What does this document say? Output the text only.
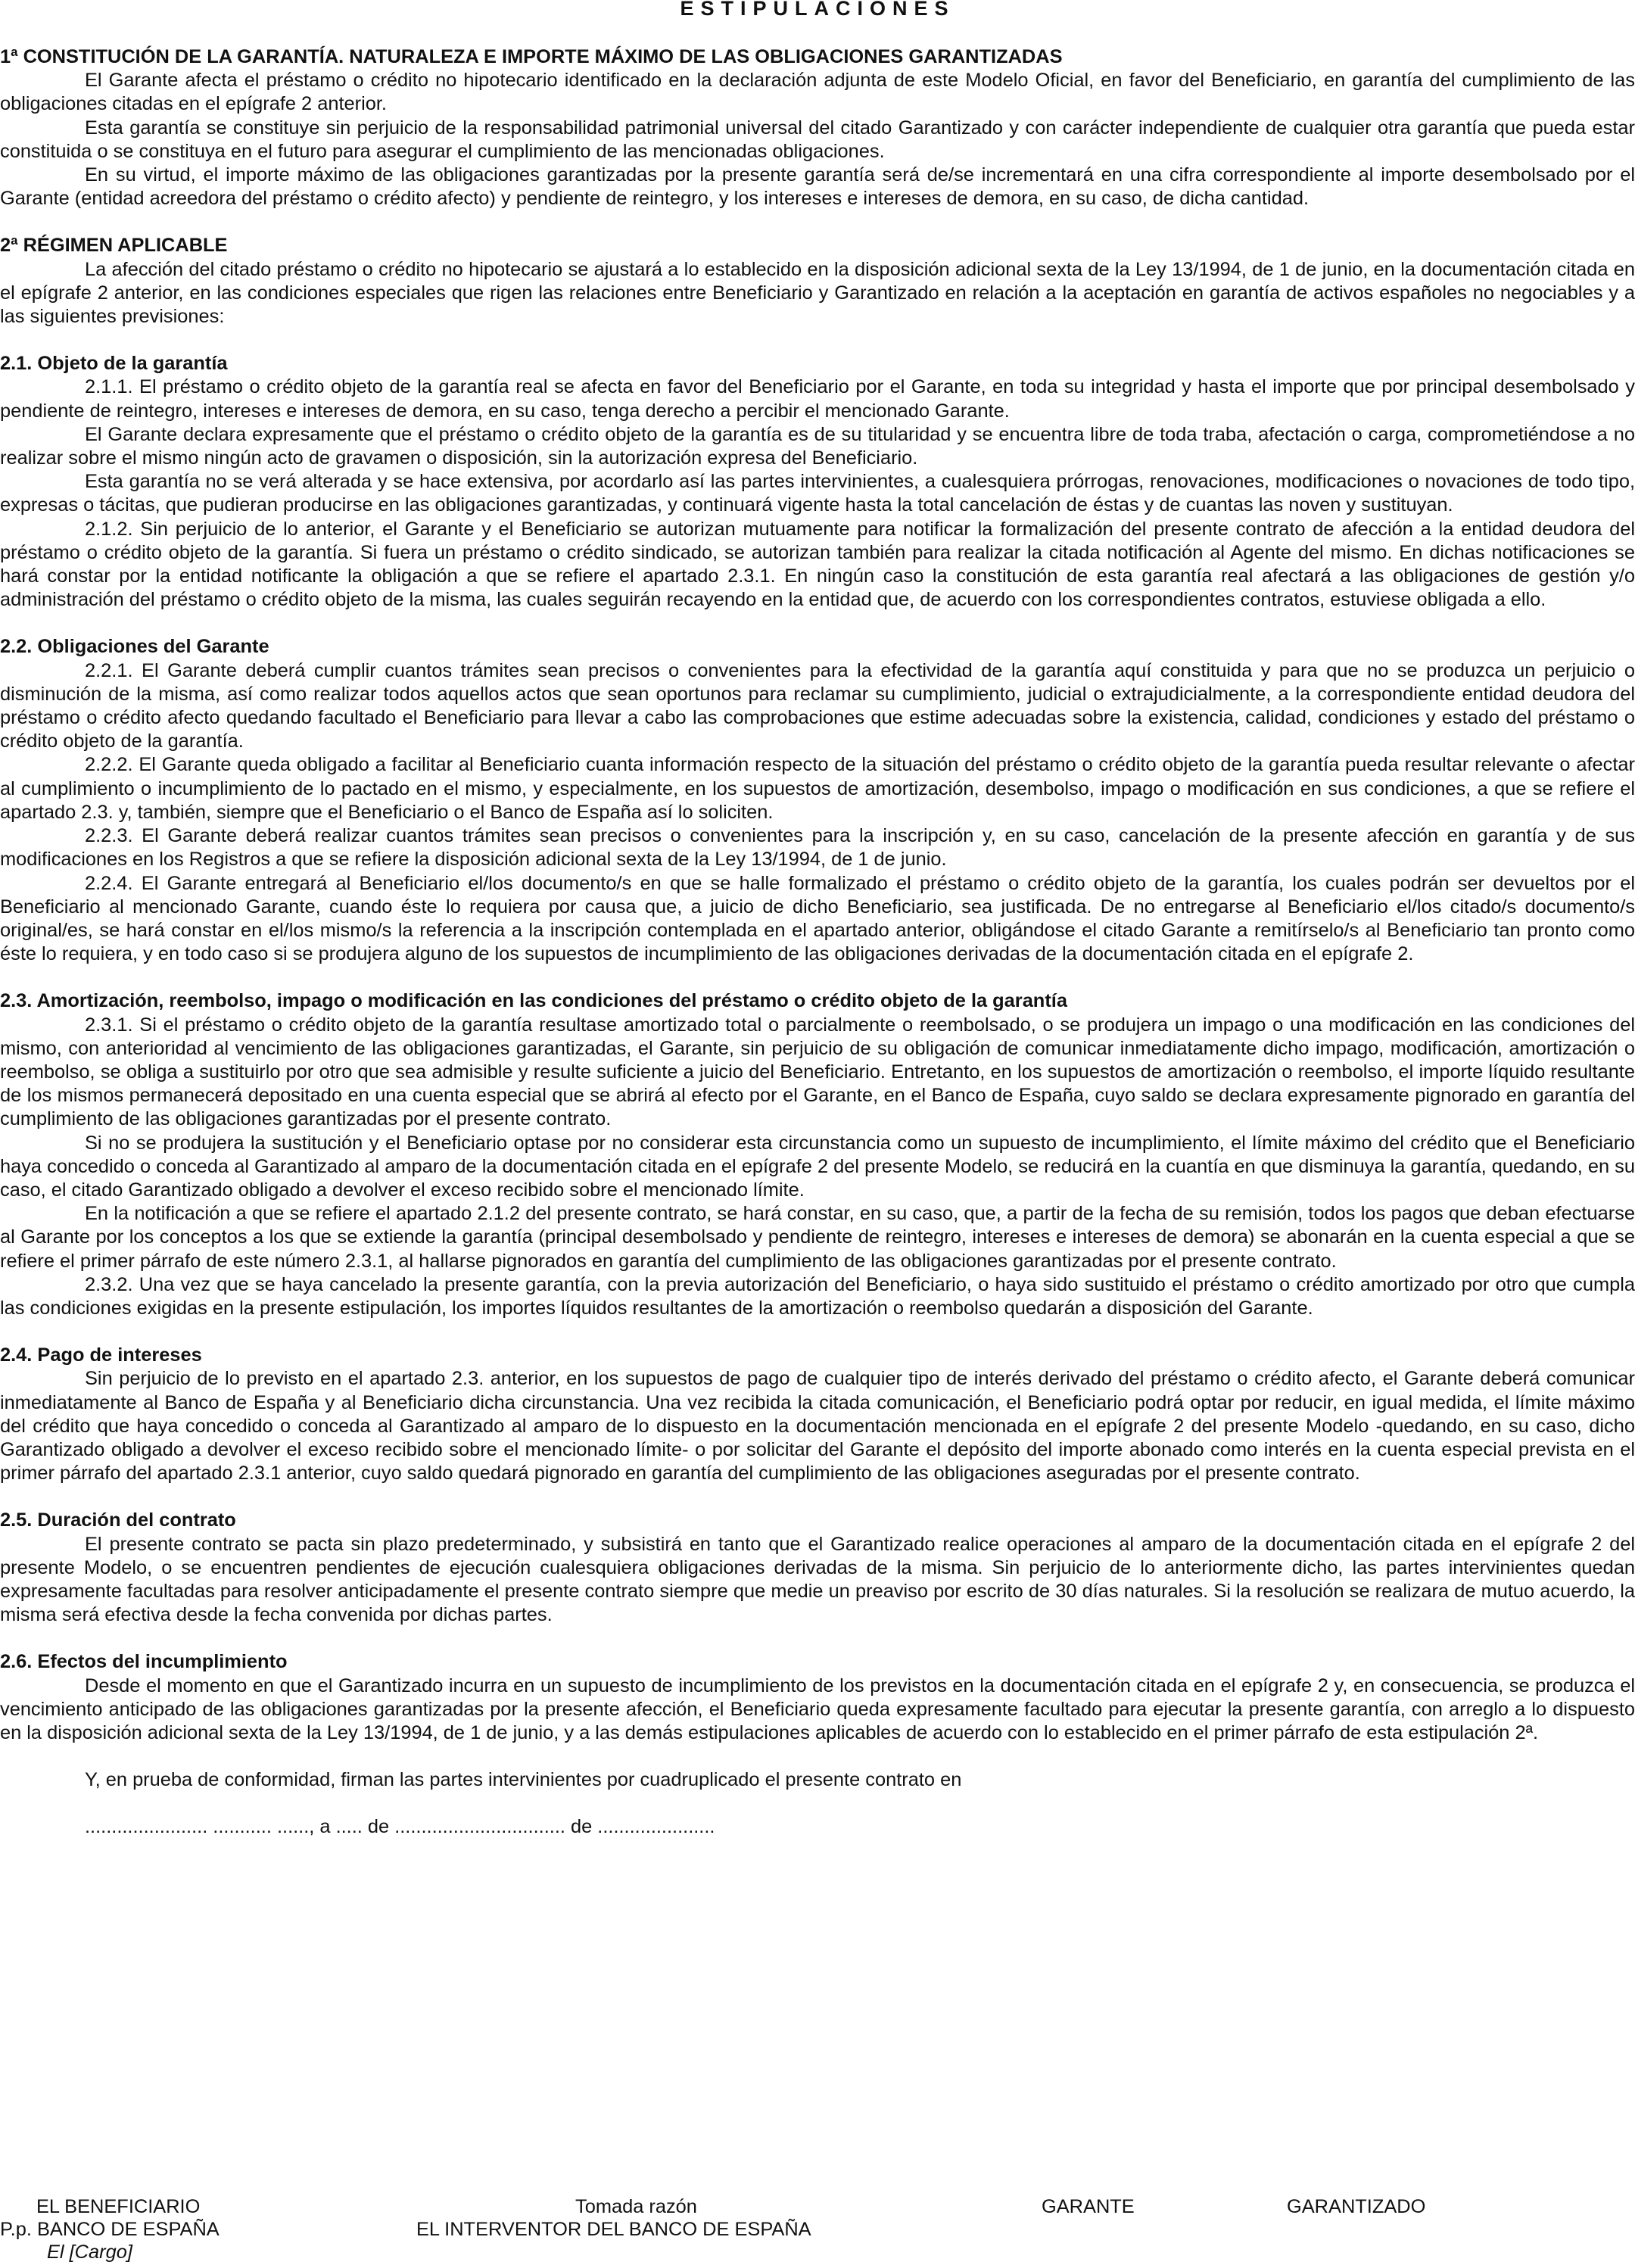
ESTIPULACIONES
1ª CONSTITUCIÓN DE LA GARANTÍA. NATURALEZA E IMPORTE MÁXIMO DE LAS OBLIGACIONES GARANTIZADAS

El Garante afecta el préstamo o crédito no hipotecario identificado en la declaración adjunta de este Modelo Oficial, en favor del Beneficiario, en garantía del cumplimiento de las obligaciones citadas en el epígrafe 2 anterior.

Esta garantía se constituye sin perjuicio de la responsabilidad patrimonial universal del citado Garantizado y con carácter independiente de cualquier otra garantía que pueda estar constituida o se constituya en el futuro para asegurar el cumplimiento de las mencionadas obligaciones.

En su virtud, el importe máximo de las obligaciones garantizadas por la presente garantía será de/se incrementará en una cifra correspondiente al importe desembolsado por el Garante (entidad acreedora del préstamo o crédito afecto) y pendiente de reintegro, y los intereses e intereses de demora, en su caso, de dicha cantidad.

2ª RÉGIMEN APLICABLE

La afección del citado préstamo o crédito no hipotecario se ajustará a lo establecido en la disposición adicional sexta de la Ley 13/1994, de 1 de junio, en la documentación citada en el epígrafe 2 anterior, en las condiciones especiales que rigen las relaciones entre Beneficiario y Garantizado en relación a la aceptación en garantía de activos españoles no negociables y a las siguientes previsiones:

2.1. Objeto de la garantía

2.1.1. El préstamo o crédito objeto de la garantía real se afecta en favor del Beneficiario por el Garante, en toda su integridad y hasta el importe que por principal desembolsado y pendiente de reintegro, intereses e intereses de demora, en su caso, tenga derecho a percibir el mencionado Garante.

El Garante declara expresamente que el préstamo o crédito objeto de la garantía es de su titularidad y se encuentra libre de toda traba, afectación o carga, comprometiéndose a no realizar sobre el mismo ningún acto de gravamen o disposición, sin la autorización expresa del Beneficiario.

Esta garantía no se verá alterada y se hace extensiva, por acordarlo así las partes intervinientes, a cualesquiera prórrogas, renovaciones, modificaciones o novaciones de todo tipo, expresas o tácitas, que pudieran producirse en las obligaciones garantizadas, y continuará vigente hasta la total cancelación de éstas y de cuantas las noven y sustituyan.

2.1.2. Sin perjuicio de lo anterior, el Garante y el Beneficiario se autorizan mutuamente para notificar la formalización del presente contrato de afección a la entidad deudora del préstamo o crédito objeto de la garantía. Si fuera un préstamo o crédito sindicado, se autorizan también para realizar la citada notificación al Agente del mismo. En dichas notificaciones se hará constar por la entidad notificante la obligación a que se refiere el apartado 2.3.1. En ningún caso la constitución de esta garantía real afectará a las obligaciones de gestión y/o administración del préstamo o crédito objeto de la misma, las cuales seguirán recayendo en la entidad que, de acuerdo con los correspondientes contratos, estuviese obligada a ello.

2.2. Obligaciones del Garante

2.2.1. El Garante deberá cumplir cuantos trámites sean precisos o convenientes para la efectividad de la garantía aquí constituida y para que no se produzca un perjuicio o disminución de la misma, así como realizar todos aquellos actos que sean oportunos para reclamar su cumplimiento, judicial o extrajudicialmente, a la correspondiente entidad deudora del préstamo o crédito afecto quedando facultado el Beneficiario para llevar a cabo las comprobaciones que estime adecuadas sobre la existencia, calidad, condiciones y estado del préstamo o crédito objeto de la garantía.

2.2.2. El Garante queda obligado a facilitar al Beneficiario cuanta información respecto de la situación del préstamo o crédito objeto de la garantía pueda resultar relevante o afectar al cumplimiento o incumplimiento de lo pactado en el mismo, y especialmente, en los supuestos de amortización, desembolso, impago o modificación en sus condiciones, a que se refiere el apartado 2.3. y, también, siempre que el Beneficiario o el Banco de España así lo soliciten.

2.2.3. El Garante deberá realizar cuantos trámites sean precisos o convenientes para la inscripción y, en su caso, cancelación de la presente afección en garantía y de sus modificaciones en los Registros a que se refiere la disposición adicional sexta de la Ley 13/1994, de 1 de junio.

2.2.4. El Garante entregará al Beneficiario el/los documento/s en que se halle formalizado el préstamo o crédito objeto de la garantía, los cuales podrán ser devueltos por el Beneficiario al mencionado Garante, cuando éste lo requiera por causa que, a juicio de dicho Beneficiario, sea justificada. De no entregarse al Beneficiario el/los citado/s documento/s original/es, se hará constar en el/los mismo/s la referencia a la inscripción contemplada en el apartado anterior, obligándose el citado Garante a remitírselo/s al Beneficiario tan pronto como éste lo requiera, y en todo caso si se produjera alguno de los supuestos de incumplimiento de las obligaciones derivadas de la documentación citada en el epígrafe 2.

2.3. Amortización, reembolso, impago o modificación en las condiciones del préstamo o crédito objeto de la garantía

2.3.1. Si el préstamo o crédito objeto de la garantía resultase amortizado total o parcialmente o reembolsado, o se produjera un impago o una modificación en las condiciones del mismo, con anterioridad al vencimiento de las obligaciones garantizadas, el Garante, sin perjuicio de su obligación de comunicar inmediatamente dicho impago, modificación, amortización o reembolso, se obliga a sustituirlo por otro que sea admisible y resulte suficiente a juicio del Beneficiario. Entretanto, en los supuestos de amortización o reembolso, el importe líquido resultante de los mismos permanecerá depositado en una cuenta especial que se abrirá al efecto por el Garante, en el Banco de España, cuyo saldo se declara expresamente pignorado en garantía del cumplimiento de las obligaciones garantizadas por el presente contrato.

Si no se produjera la sustitución y el Beneficiario optase por no considerar esta circunstancia como un supuesto de incumplimiento, el límite máximo del crédito que el Beneficiario haya concedido o conceda al Garantizado al amparo de la documentación citada en el epígrafe 2 del presente Modelo, se reducirá en la cuantía en que disminuya la garantía, quedando, en su caso, el citado Garantizado obligado a devolver el exceso recibido sobre el mencionado límite.

En la notificación a que se refiere el apartado 2.1.2 del presente contrato, se hará constar, en su caso, que, a partir de la fecha de su remisión, todos los pagos que deban efectuarse al Garante por los conceptos a los que se extiende la garantía (principal desembolsado y pendiente de reintegro, intereses e intereses de demora) se abonarán en la cuenta especial a que se refiere el primer párrafo de este número 2.3.1, al hallarse pignorados en garantía del cumplimiento de las obligaciones garantizadas por el presente contrato.

2.3.2. Una vez que se haya cancelado la presente garantía, con la previa autorización del Beneficiario, o haya sido sustituido el préstamo o crédito amortizado por otro que cumpla las condiciones exigidas en la presente estipulación, los importes líquidos resultantes de la amortización o reembolso quedarán a disposición del Garante.

2.4. Pago de intereses

Sin perjuicio de lo previsto en el apartado 2.3. anterior, en los supuestos de pago de cualquier tipo de interés derivado del préstamo o crédito afecto, el Garante deberá comunicar inmediatamente al Banco de España y al Beneficiario dicha circunstancia. Una vez recibida la citada comunicación, el Beneficiario podrá optar por reducir, en igual medida, el límite máximo del crédito que haya concedido o conceda al Garantizado al amparo de lo dispuesto en la documentación mencionada en el epígrafe 2 del presente Modelo -quedando, en su caso, dicho Garantizado obligado a devolver el exceso recibido sobre el mencionado límite- o por solicitar del Garante el depósito del importe abonado como interés en la cuenta especial prevista en el primer párrafo del apartado 2.3.1 anterior, cuyo saldo quedará pignorado en garantía del cumplimiento de las obligaciones aseguradas por el presente contrato.

2.5. Duración del contrato

El presente contrato se pacta sin plazo predeterminado, y subsistirá en tanto que el Garantizado realice operaciones al amparo de la documentación citada en el epígrafe 2 del presente Modelo, o se encuentren pendientes de ejecución cualesquiera obligaciones derivadas de la misma. Sin perjuicio de lo anteriormente dicho, las partes intervinientes quedan expresamente facultadas para resolver anticipadamente el presente contrato siempre que medie un preaviso por escrito de 30 días naturales. Si la resolución se realizara de mutuo acuerdo, la misma será efectiva desde la fecha convenida por dichas partes.

2.6. Efectos del incumplimiento

Desde el momento en que el Garantizado incurra en un supuesto de incumplimiento de los previstos en la documentación citada en el epígrafe 2 y, en consecuencia, se produzca el vencimiento anticipado de las obligaciones garantizadas por la presente afección, el Beneficiario queda expresamente facultado para ejecutar la presente garantía, con arreglo a lo dispuesto en la disposición adicional sexta de la Ley 13/1994, de 1 de junio, y a las demás estipulaciones aplicables de acuerdo con lo establecido en el primer párrafo de esta estipulación 2ª.

Y, en prueba de conformidad, firman las partes intervinientes por cuadruplicado el presente contrato en

....................... ........... ......, a ..... de ................................ de ......................

EL BENEFICIARIO
P.p. BANCO DE ESPAÑA
El [Cargo]
Tomada razón
EL INTERVENTOR DEL BANCO DE ESPAÑA
GARANTE	GARANTIZADO
